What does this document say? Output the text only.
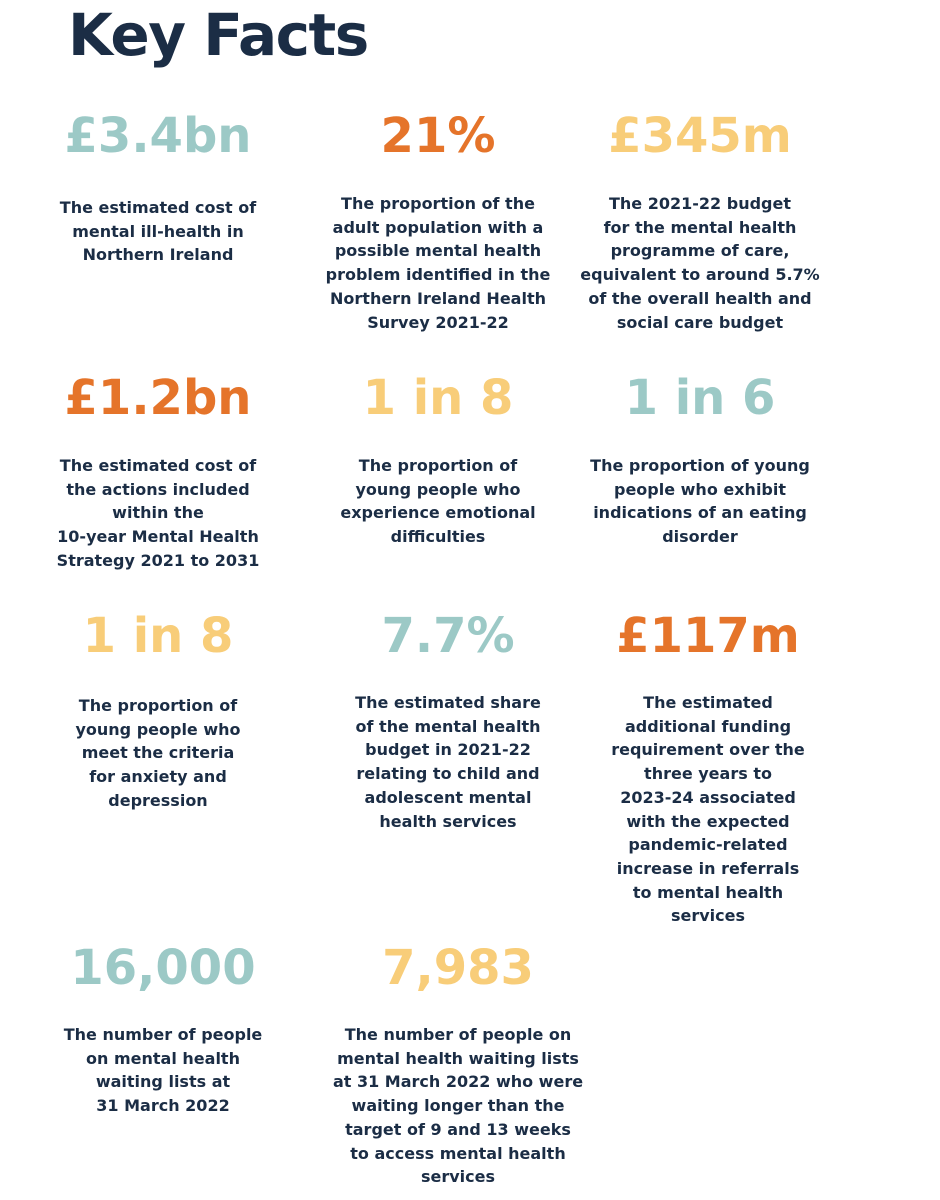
Key Facts
£3.4bn
The estimated cost of
mental ill-health in
Northern Ireland
21%
The proportion of the
adult population with a
possible mental health
problem identified in the
Northern Ireland Health
Survey 2021-22
£345m
The 2021-22 budget
for the mental health
programme of care,
equivalent to around 5.7%
of the overall health and
social care budget
£1.2bn
The estimated cost of
the actions included
within the
10-year Mental Health
Strategy 2021 to 2031
1 in 8
The proportion of
young people who
experience emotional
difficulties
1 in 6
The proportion of young
people who exhibit
indications of an eating
disorder
1 in 8
The proportion of
young people who
meet the criteria
for anxiety and
depression
7.7%
The estimated share
of the mental health
budget in 2021-22
relating to child and
adolescent mental
health services
£117m
The estimated
additional funding
requirement over the
three years to
2023-24 associated
with the expected
pandemic-related
increase in referrals
to mental health
services
16,000
The number of people
on mental health
waiting lists at
31 March 2022
7,983
The number of people on
mental health waiting lists
at 31 March 2022 who were
waiting longer than the
target of 9 and 13 weeks
to access mental health
services
